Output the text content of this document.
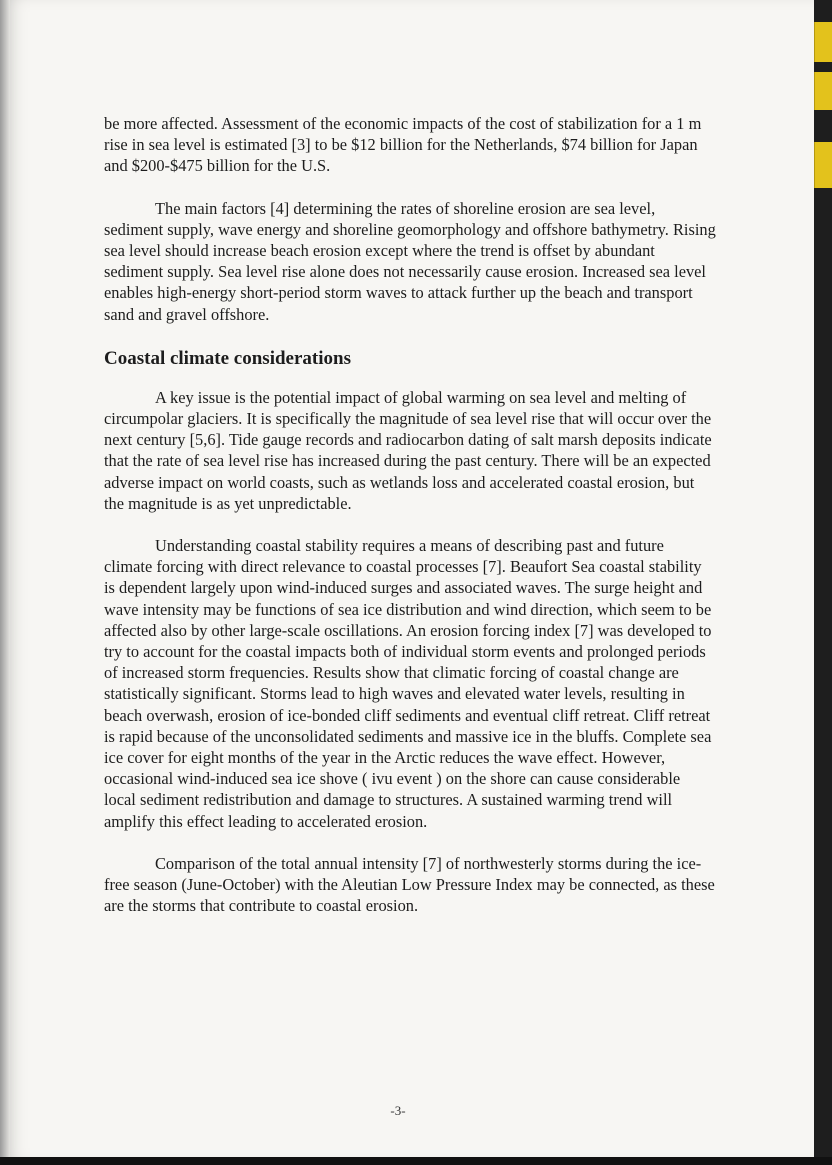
be more affected. Assessment of the economic impacts of the cost of stabilization for a 1 m rise in sea level is estimated [3] to be $12 billion for the Netherlands, $74 billion for Japan and $200-$475 billion for the U.S.

The main factors [4] determining the rates of shoreline erosion are sea level, sediment supply, wave energy and shoreline geomorphology and offshore bathymetry. Rising sea level should increase beach erosion except where the trend is offset by abundant sediment supply. Sea level rise alone does not necessarily cause erosion. Increased sea level enables high-energy short-period storm waves to attack further up the beach and transport sand and gravel offshore.

Coastal climate considerations

A key issue is the potential impact of global warming on sea level and melting of circumpolar glaciers. It is specifically the magnitude of sea level rise that will occur over the next century [5,6]. Tide gauge records and radiocarbon dating of salt marsh deposits indicate that the rate of sea level rise has increased during the past century. There will be an expected adverse impact on world coasts, such as wetlands loss and accelerated coastal erosion, but the magnitude is as yet unpredictable.

Understanding coastal stability requires a means of describing past and future climate forcing with direct relevance to coastal processes [7]. Beaufort Sea coastal stability is dependent largely upon wind-induced surges and associated waves. The surge height and wave intensity may be functions of sea ice distribution and wind direction, which seem to be affected also by other large-scale oscillations. An erosion forcing index [7] was developed to try to account for the coastal impacts both of individual storm events and prolonged periods of increased storm frequencies. Results show that climatic forcing of coastal change are statistically significant. Storms lead to high waves and elevated water levels, resulting in beach overwash, erosion of ice-bonded cliff sediments and eventual cliff retreat. Cliff retreat is rapid because of the unconsolidated sediments and massive ice in the bluffs. Complete sea ice cover for eight months of the year in the Arctic reduces the wave effect. However, occasional wind-induced sea ice shove ( ivu event ) on the shore can cause considerable local sediment redistribution and damage to structures. A sustained warming trend will amplify this effect leading to accelerated erosion.

Comparison of the total annual intensity [7] of northwesterly storms during the ice-free season (June-October) with the Aleutian Low Pressure Index may be connected, as these are the storms that contribute to coastal erosion.

-3-
